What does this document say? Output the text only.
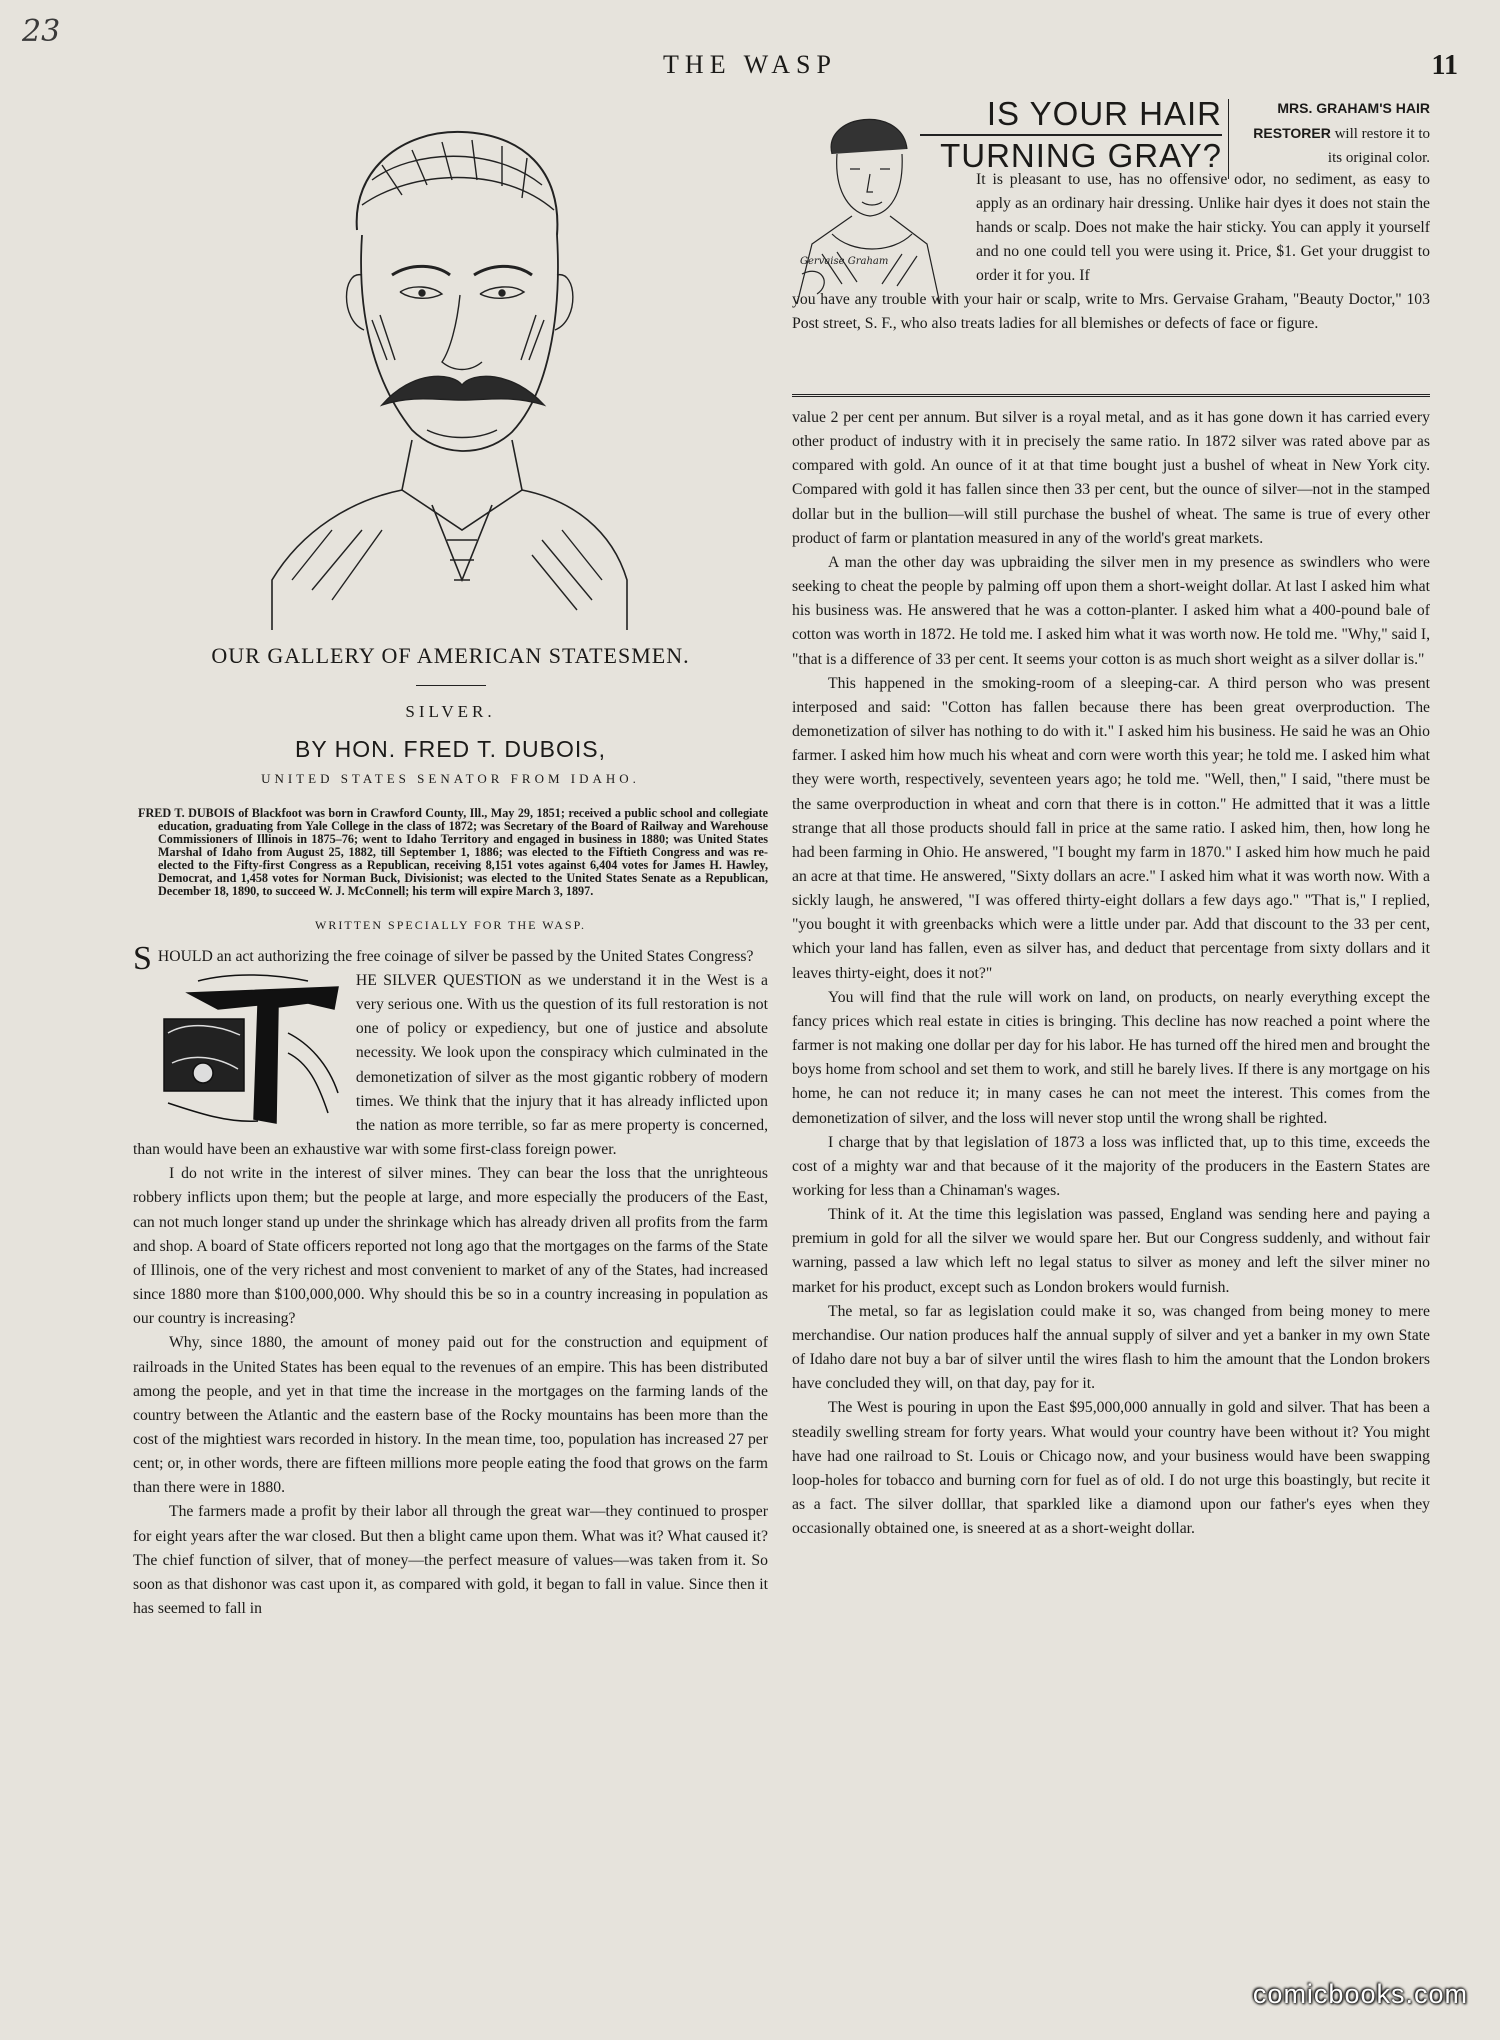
23
THE WASP	11
OUR GALLERY OF AMERICAN STATESMEN.
SILVER.
BY HON. FRED T. DUBOIS,
UNITED STATES SENATOR FROM IDAHO.

FRED T. DUBOIS of Blackfoot was born in Crawford County, Ill., May 29, 1851; received a public school and collegiate education, graduating from Yale College in the class of 1872; was Secretary of the Board of Railway and Warehouse Commissioners of Illinois in 1875–76; went to Idaho Territory and engaged in business in 1880; was United States Marshal of Idaho from August 25, 1882, till September 1, 1886; was elected to the Fiftieth Congress and was re-elected to the Fifty-first Congress as a Republican, receiving 8,151 votes against 6,404 votes for James H. Hawley, Democrat, and 1,458 votes for Norman Buck, Divisionist; was elected to the United States Senate as a Republican, December 18, 1890, to succeed W. J. McConnell; his term will expire March 3, 1897.

WRITTEN SPECIALLY FOR THE WASP.
S HOULD an act authorizing the free coinage of silver be passed by the United States Congress?

HE SILVER QUESTION as we understand it in the West is a very serious one. With us the question of its full restoration is not one of policy or expediency, but one of justice and absolute necessity. We look upon the conspiracy which culminated in the demonetization of silver as the most gigantic robbery of modern times. We think that the injury that it has already inflicted upon the nation as more terrible, so far as mere property is concerned, than would have been an exhaustive war with some first-class foreign power.

I do not write in the interest of silver mines. They can bear the loss that the unrighteous robbery inflicts upon them; but the people at large, and more especially the producers of the East, can not much longer stand up under the shrinkage which has already driven all profits from the farm and shop. A board of State officers reported not long ago that the mortgages on the farms of the State of Illinois, one of the very richest and most convenient to market of any of the States, had increased since 1880 more than $100,000,000. Why should this be so in a country increasing in population as our country is increasing?

Why, since 1880, the amount of money paid out for the construction and equipment of railroads in the United States has been equal to the revenues of an empire. This has been distributed among the people, and yet in that time the increase in the mortgages on the farming lands of the country between the Atlantic and the eastern base of the Rocky mountains has been more than the cost of the mightiest wars recorded in history. In the mean time, too, population has increased 27 per cent; or, in other words, there are fifteen millions more people eating the food that grows on the farm than there were in 1880.

The farmers made a profit by their labor all through the great war—they continued to prosper for eight years after the war closed. But then a blight came upon them. What was it? What caused it? The chief function of silver, that of money—the perfect measure of values—was taken from it. So soon as that dishonor was cast upon it, as compared with gold, it began to fall in value. Since then it has seemed to fall in

Gervaise Graham
IS YOUR HAIR
TURNING GRAY?
MRS. GRAHAM'S HAIR RESTORER will restore it to its original color.
It is pleasant to use, has no offensive odor, no sediment, as easy to apply as an ordinary hair dressing. Unlike hair dyes it does not stain the hands or scalp. Does not make the hair sticky. You can apply it yourself and no one could tell you were using it. Price, $1. Get your druggist to order it for you. If
you have any trouble with your hair or scalp, write to Mrs. Gervaise Graham, "Beauty Doctor," 103 Post street, S. F., who also treats ladies for all blemishes or defects of face or figure.

value 2 per cent per annum. But silver is a royal metal, and as it has gone down it has carried every other product of industry with it in precisely the same ratio. In 1872 silver was rated above par as compared with gold. An ounce of it at that time bought just a bushel of wheat in New York city. Compared with gold it has fallen since then 33 per cent, but the ounce of silver—not in the stamped dollar but in the bullion—will still purchase the bushel of wheat. The same is true of every other product of farm or plantation measured in any of the world's great markets.

A man the other day was upbraiding the silver men in my presence as swindlers who were seeking to cheat the people by palming off upon them a short-weight dollar. At last I asked him what his business was. He answered that he was a cotton-planter. I asked him what a 400-pound bale of cotton was worth in 1872. He told me. I asked him what it was worth now. He told me. "Why," said I, "that is a difference of 33 per cent. It seems your cotton is as much short weight as a silver dollar is."

This happened in the smoking-room of a sleeping-car. A third person who was present interposed and said: "Cotton has fallen because there has been great overproduction. The demonetization of silver has nothing to do with it." I asked him his business. He said he was an Ohio farmer. I asked him how much his wheat and corn were worth this year; he told me. I asked him what they were worth, respectively, seventeen years ago; he told me. "Well, then," I said, "there must be the same overproduction in wheat and corn that there is in cotton." He admitted that it was a little strange that all those products should fall in price at the same ratio. I asked him, then, how long he had been farming in Ohio. He answered, "I bought my farm in 1870." I asked him how much he paid an acre at that time. He answered, "Sixty dollars an acre." I asked him what it was worth now. With a sickly laugh, he answered, "I was offered thirty-eight dollars a few days ago." "That is," I replied, "you bought it with greenbacks which were a little under par. Add that discount to the 33 per cent, which your land has fallen, even as silver has, and deduct that percentage from sixty dollars and it leaves thirty-eight, does it not?"

You will find that the rule will work on land, on products, on nearly everything except the fancy prices which real estate in cities is bringing. This decline has now reached a point where the farmer is not making one dollar per day for his labor. He has turned off the hired men and brought the boys home from school and set them to work, and still he barely lives. If there is any mortgage on his home, he can not reduce it; in many cases he can not meet the interest. This comes from the demonetization of silver, and the loss will never stop until the wrong shall be righted.

I charge that by that legislation of 1873 a loss was inflicted that, up to this time, exceeds the cost of a mighty war and that because of it the majority of the producers in the Eastern States are working for less than a Chinaman's wages.

Think of it. At the time this legislation was passed, England was sending here and paying a premium in gold for all the silver we would spare her. But our Congress suddenly, and without fair warning, passed a law which left no legal status to silver as money and left the silver miner no market for his product, except such as London brokers would furnish.

The metal, so far as legislation could make it so, was changed from being money to mere merchandise. Our nation produces half the annual supply of silver and yet a banker in my own State of Idaho dare not buy a bar of silver until the wires flash to him the amount that the London brokers have concluded they will, on that day, pay for it.

The West is pouring in upon the East $95,000,000 annually in gold and silver. That has been a steadily swelling stream for forty years. What would your country have been without it? You might have had one railroad to St. Louis or Chicago now, and your business would have been swapping loop-holes for tobacco and burning corn for fuel as of old. I do not urge this boastingly, but recite it as a fact. The silver dolllar, that sparkled like a diamond upon our father's eyes when they occasionally obtained one, is sneered at as a short-weight dollar.

comicbooks.com
